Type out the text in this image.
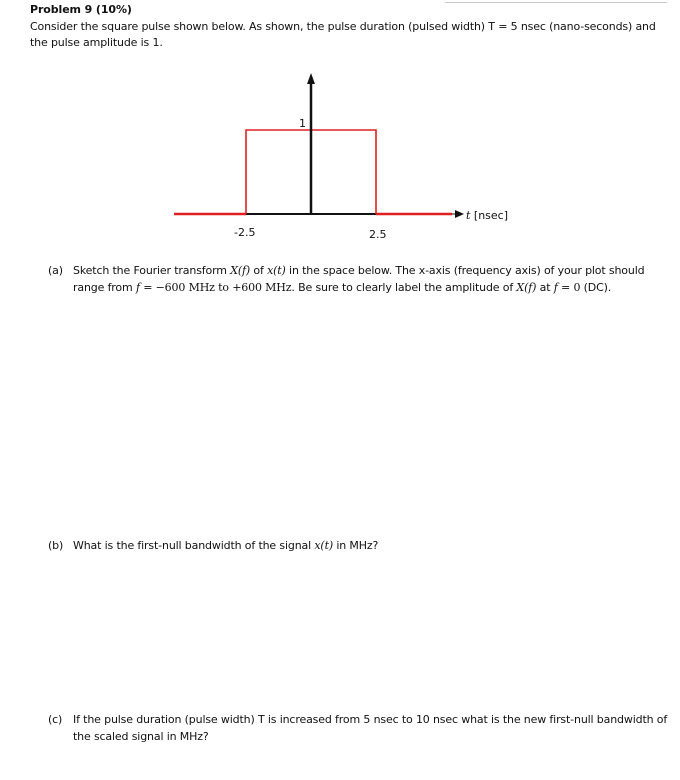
Problem 9 (10%)
Consider the square pulse shown below. As shown, the pulse duration (pulsed width) T = 5 nsec (nano-seconds) and the pulse amplitude is 1.
1
-2.5	2.5
t [nsec]
(a) Sketch the Fourier transform X(f) of x(t) in the space below. The x-axis (frequency axis) of your plot should range from f = −600 MHz to +600 MHz. Be sure to clearly label the amplitude of X(f) at f = 0 (DC).
(b) What is the first-null bandwidth of the signal x(t) in MHz?
(c) If the pulse duration (pulse width) T is increased from 5 nsec to 10 nsec what is the new first-null bandwidth of the scaled signal in MHz?
